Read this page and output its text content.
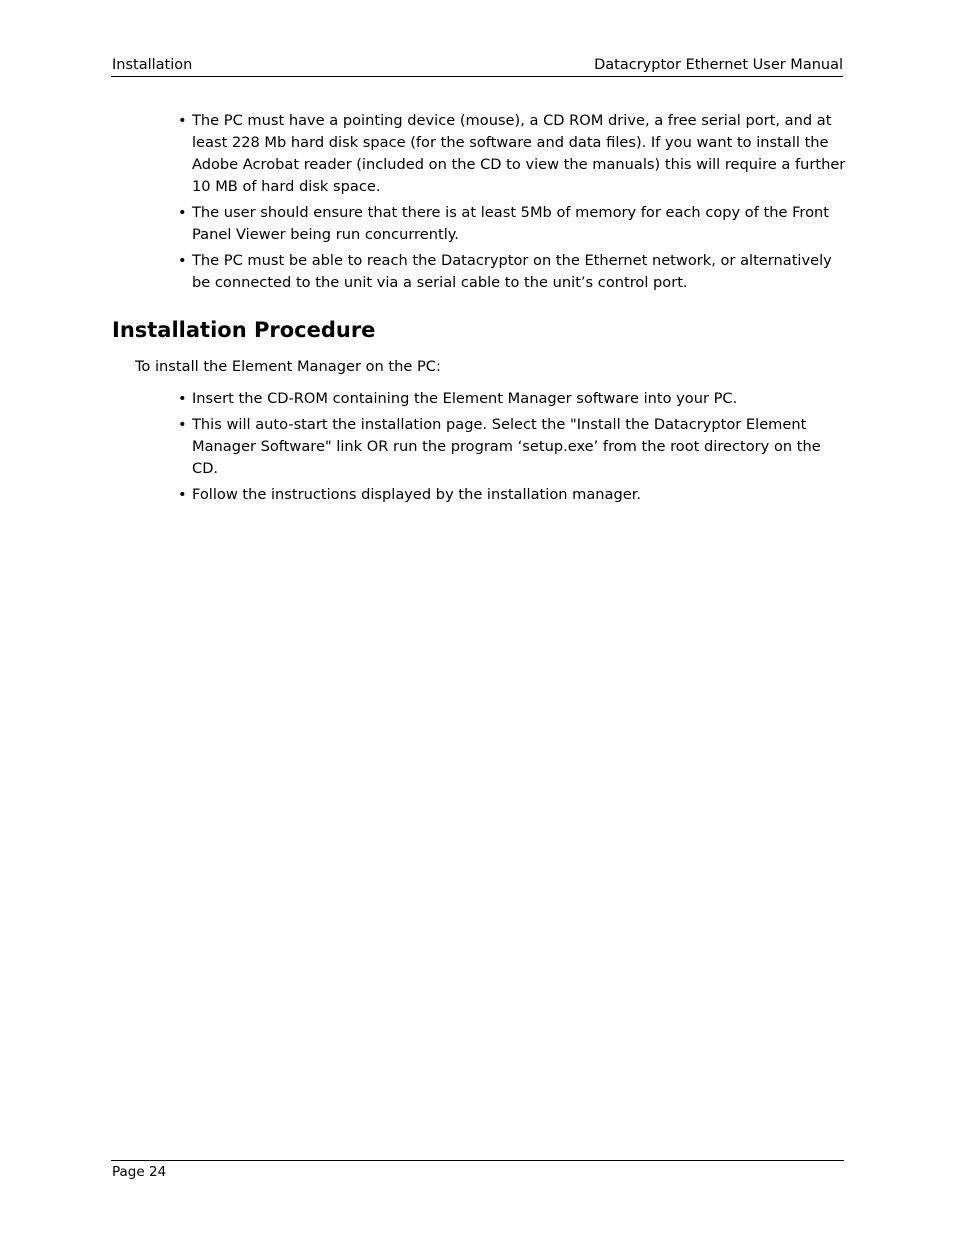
Installation	Datacryptor Ethernet User Manual
• The PC must have a pointing device (mouse), a CD ROM drive, a free serial port, and at least 228 Mb hard disk space (for the software and data files). If you want to install the Adobe Acrobat reader (included on the CD to view the manuals) this will require a further 10 MB of hard disk space.
• The user should ensure that there is at least 5Mb of memory for each copy of the Front Panel Viewer being run concurrently.
• The PC must be able to reach the Datacryptor on the Ethernet network, or alternatively be connected to the unit via a serial cable to the unit’s control port.
Installation Procedure

To install the Element Manager on the PC:

• Insert the CD-ROM containing the Element Manager software into your PC.
• This will auto-start the installation page. Select the "Install the Datacryptor Element Manager Software" link OR run the program ‘setup.exe’ from the root directory on the CD.
• Follow the instructions displayed by the installation manager.
Page 24
